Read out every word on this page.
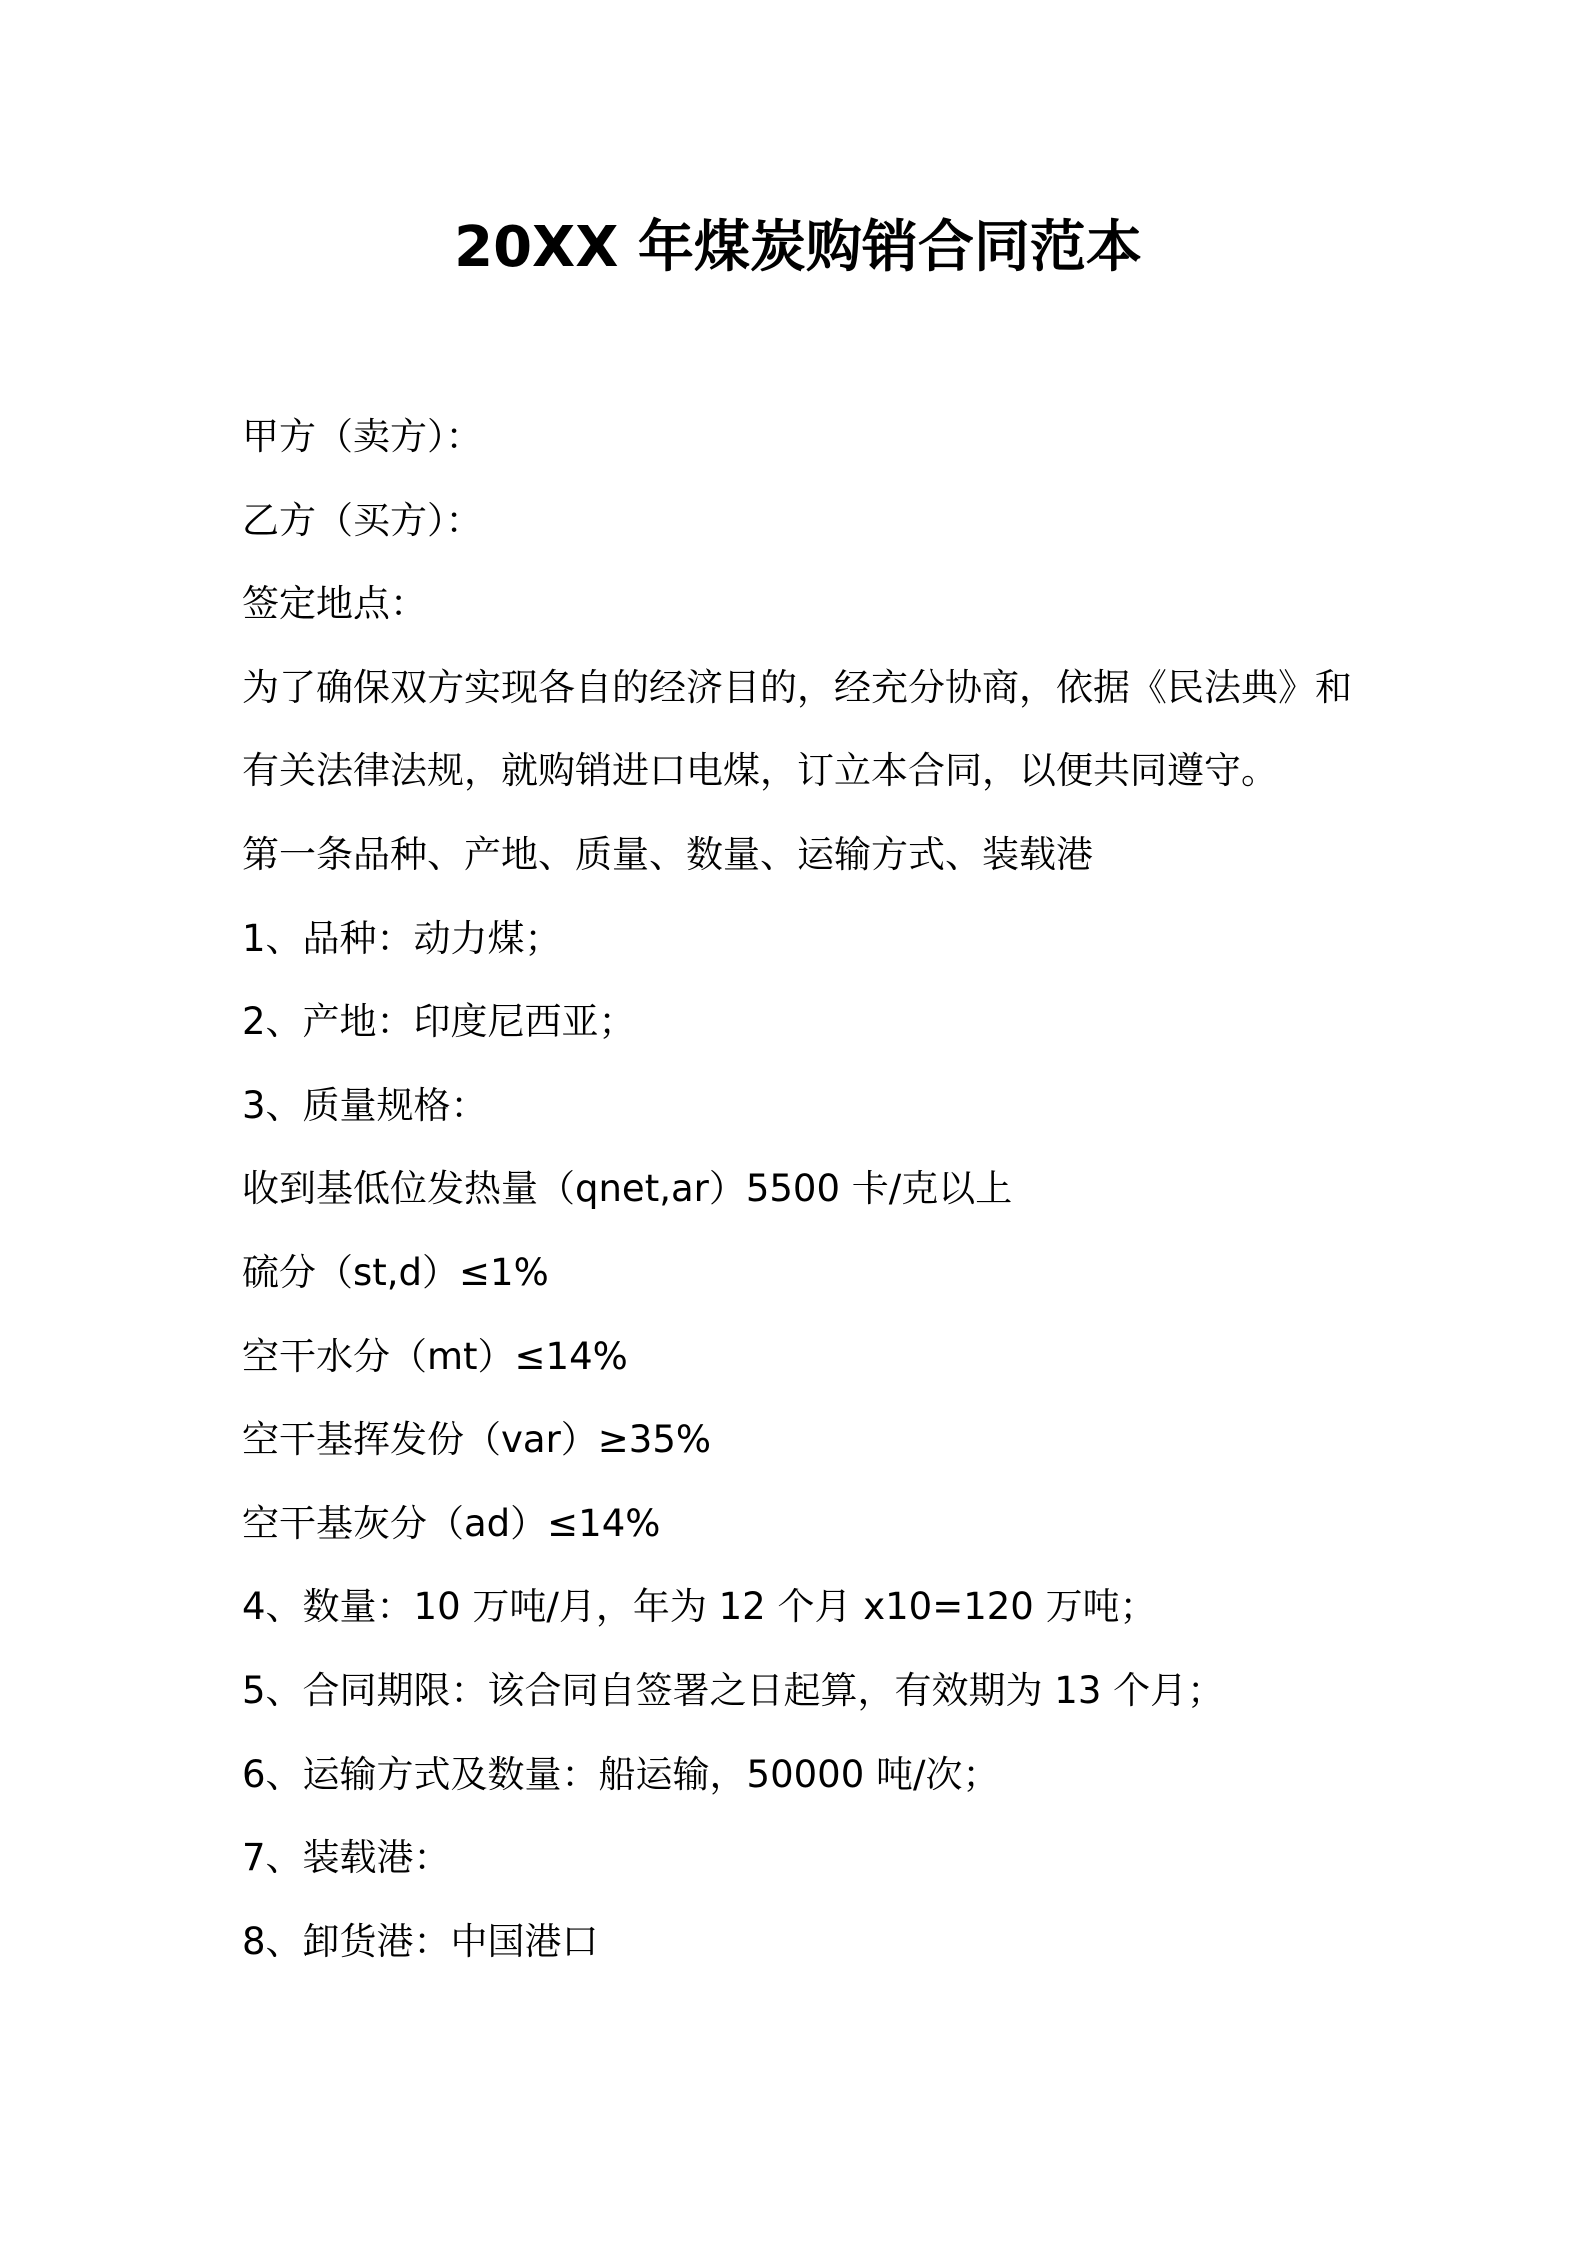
20XX 年煤炭购销合同范本
甲方（卖方）：
乙方（买方）：
签定地点：
为了确保双方实现各自的经济目的，经充分协商，依据《民法典》和
有关法律法规，就购销进口电煤，订立本合同，以便共同遵守。
第一条品种、产地、质量、数量、运输方式、装载港
1、品种：动力煤；
2、产地：印度尼西亚；
3、质量规格：
收到基低位发热量（qnet,ar）5500 卡/克以上
硫分（st,d）≤1%
空干水分（mt）≤14%
空干基挥发份（var）≥35%
空干基灰分（ad）≤14%
4、数量：10 万吨/月，年为 12 个月 x10=120 万吨；
5、合同期限：该合同自签署之日起算，有效期为 13 个月；
6、运输方式及数量：船运输，50000 吨/次；
7、装载港：
8、卸货港：中国港口
